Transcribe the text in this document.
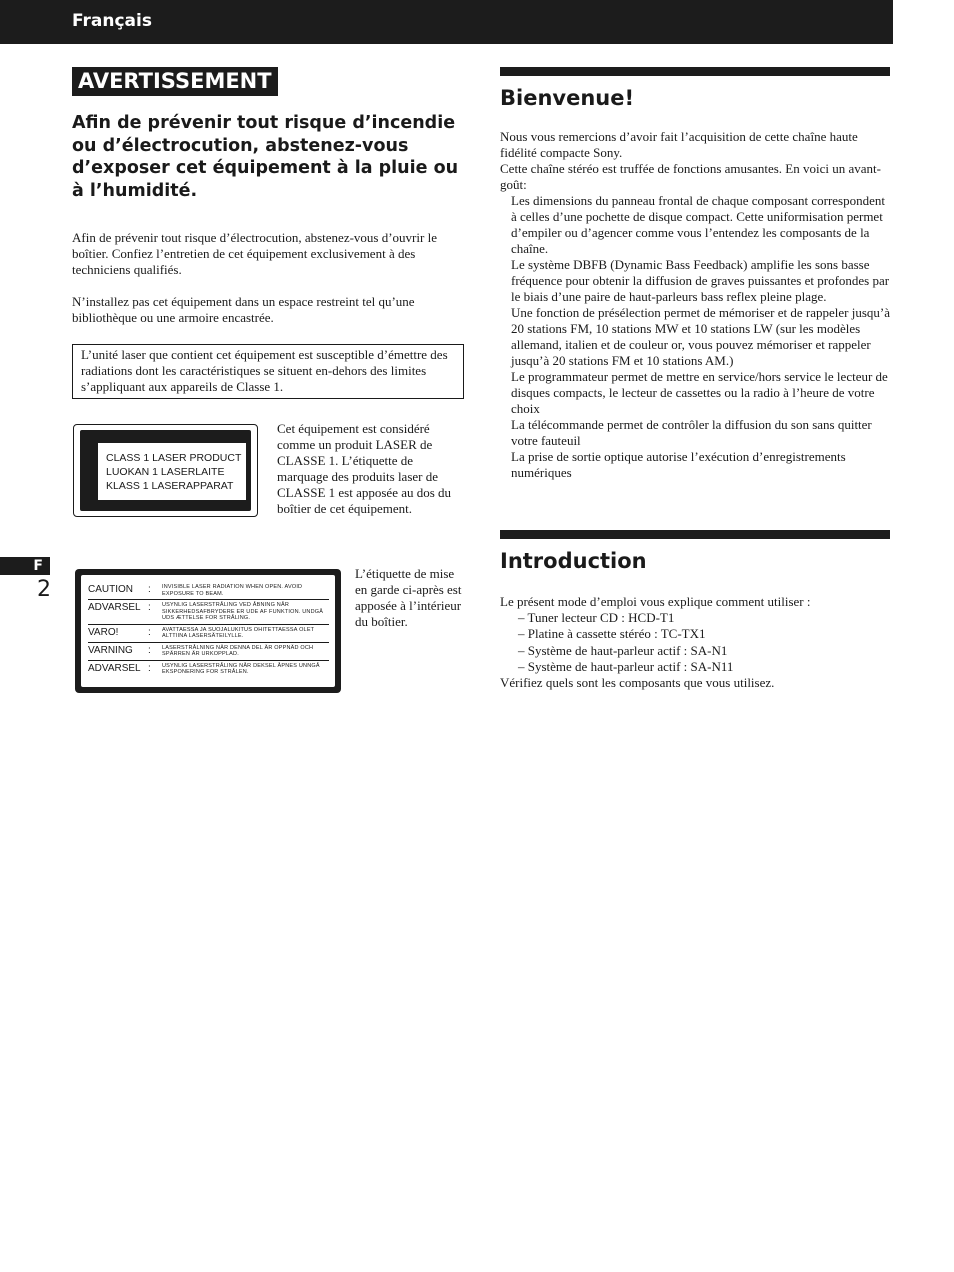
Français
F
2
AVERTISSEMENT
Afin de prévenir tout risque d’incendie ou d’électrocution, abstenez-vous d’exposer cet équipement à la pluie ou à l’humidité.

Afin de prévenir tout risque d’électrocution, abstenez-vous d’ouvrir le boîtier. Confiez l’entretien de cet équipement exclusivement à des techniciens qualifiés.

N’installez pas cet équipement dans un espace restreint tel qu’une bibliothèque ou une armoire encastrée.

L’unité laser que contient cet équipement est susceptible d’émettre des radiations dont les caractéristiques se situent en-dehors des limites s’appliquant aux appareils de Classe 1.
CLASS 1 LASER PRODUCT
LUOKAN 1 LASERLAITE
KLASS 1 LASERAPPARAT

Cet équipement est considéré comme un produit LASER de CLASSE 1. L’étiquette de marquage des produits laser de CLASSE 1 est apposée au dos du boîtier de cet équipement.

CAUTION	:	INVISIBLE LASER RADIATION WHEN OPEN. AVOID EXPOSURE TO BEAM.
ADVARSEL :	USYNLIG LASERSTRÅLING VED ÅBNING NÅR SIKKERHEDSAFBRYDERE ER UDE AF FUNKTION. UNDGÅ UDS ÆTTELSE FOR STRÅLING.
VARO!	:	AVATTAESSA JA SUOJALUKITUS OHITETTAESSA OLET ALTTIINA LASERSÄTEILYLLE.
VARNING	:	LASERSTRÅLNING NÄR DENNA DEL ÄR OPPNÄD OCH SPÄRREN ÄR URKOPPLAD.
ADVARSEL :	USYNLIG LASERSTRÅLING NÅR DEKSEL ÅPNES UNNGÅ EKSPONERING FOR STRÅLEN.

L’étiquette de mise en garde ci-après est apposée à l’intérieur du boîtier.

Bienvenue!

Nous vous remercions d’avoir fait l’acquisition de cette chaîne haute fidélité compacte Sony.

Cette chaîne stéréo est truffée de fonctions amusantes. En voici un avant-goût:

Les dimensions du panneau frontal de chaque composant correspondent à celles d’une pochette de disque compact. Cette uniformisation permet d’empiler ou d’agencer comme vous l’entendez les composants de la chaîne.

Le système DBFB (Dynamic Bass Feedback) amplifie les sons basse fréquence pour obtenir la diffusion de graves puissantes et profondes par le biais d’une paire de haut-parleurs bass reflex pleine plage.

Une fonction de présélection permet de mémoriser et de rappeler jusqu’à 20 stations FM, 10 stations MW et 10 stations LW (sur les modèles allemand, italien et de couleur or, vous pouvez mémoriser et rappeler jusqu’à 20 stations FM et 10 stations AM.)

Le programmateur permet de mettre en service/hors service le lecteur de disques compacts, le lecteur de cassettes ou la radio à l’heure de votre choix

La télécommande permet de contrôler la diffusion du son sans quitter votre fauteuil

La prise de sortie optique autorise l’exécution d’enregistrements numériques

Introduction

Le présent mode d’emploi vous explique comment utiliser :

– Tuner lecteur CD : HCD-T1

– Platine à cassette stéréo : TC-TX1

– Système de haut-parleur actif : SA-N1

– Système de haut-parleur actif : SA-N11

Vérifiez quels sont les composants que vous utilisez.
